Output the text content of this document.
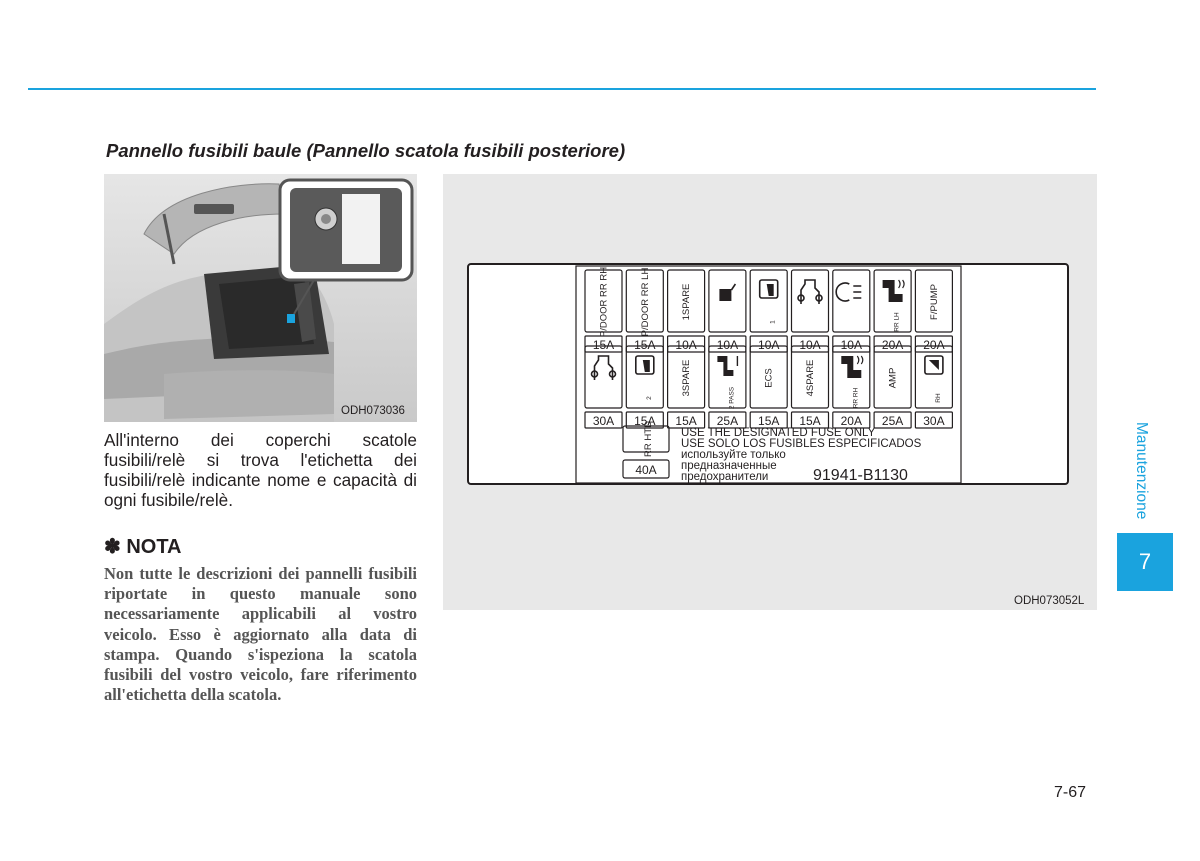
Pannello fusibili baule (Pannello scatola fusibili posteriore)
ODH073036
All'interno dei coperchi scatole fusibili/relè si trova l'etichetta dei fusibili/relè indicante nome e capacità di ogni fusibile/relè.
✽ NOTA
Non tutte le descrizioni dei pannelli fusibili riportate in questo manuale sono necessariamente applicabili al vostro veicolo. Esso è aggiornato alla data di stampa. Quando s'ispeziona la scatola fusibili del vostro veicolo, fare riferimento all'etichetta della scatola.
P/DOOR RR RH
15A
P/DOOR RR LH
15A
1SPARE
10A 10A
1
10A 10A 10A
RR LH
20A
F/PUMP
20A
30A
2
15A
3SPARE
15A
2 PASS
25A
ECS
15A
4SPARE
15A
RR RH
20A
AMP
25A
RH
30A
RR HTD
40A
USE THE DESIGNATED FUSE ONLY
USE SOLO LOS FUSIBLES ESPECIFICADOS
используйте только
предназначенные
предохранители	91941-B1130
ODH073052L
Manutenzione
7
7-67
